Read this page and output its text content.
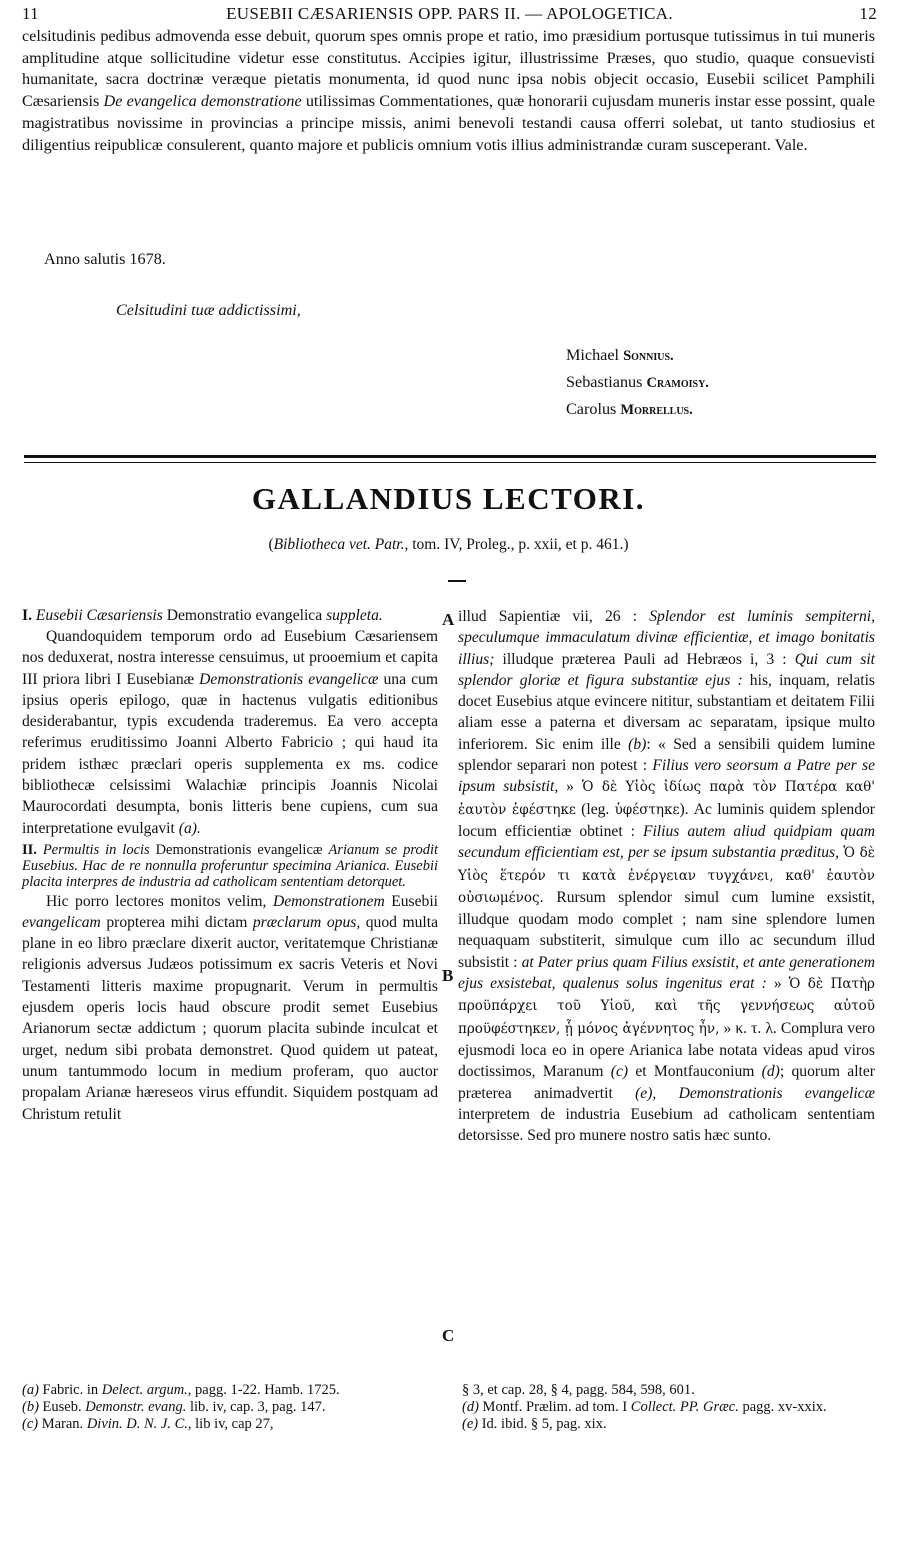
11	EUSEBII CÆSARIENSIS OPP. PARS II. — APOLOGETICA.	12

celsitudinis pedibus admovenda esse debuit, quorum spes omnis prope et ratio, imo præsidium portusque tutissimus in tui muneris amplitudine atque sollicitudine videtur esse constitutus. Accipies igitur, illustrissime Præses, quo studio, quaque consuevisti humanitate, sacra doctrinæ veræque pietatis monumenta, id quod nunc ipsa nobis objecit occasio, Eusebii scilicet Pamphili Cæsariensis De evangelica demonstratione utilissimas Commentationes, quæ honorarii cujusdam muneris instar esse possint, quale magistratibus novissime in provincias a principe missis, animi benevoli testandi causa offerri solebat, ut tanto studiosius et diligentius reipublicæ consulerent, quanto majore et publicis omnium votis illius administrandæ curam susceperant. Vale.

Anno salutis 1678.
Celsitudini tuæ addictissimi,
Michael Sonnius.
Sebastianus Cramoisy.
Carolus Morrellus.
GALLANDIUS LECTORI.
(Bibliotheca vet. Patr., tom. IV, Proleg., p. xxii, et p. 461.)

I. Eusebii Cæsariensis Demonstratio evangelica suppleta.

Quandoquidem temporum ordo ad Eusebium Cæsariensem nos deduxerat, nostra interesse censuimus, ut prooemium et capita III priora libri I Eusebianæ Demonstrationis evangelicæ una cum ipsius operis epilogo, quæ in hactenus vulgatis editionibus desiderabantur, typis excudenda traderemus. Ea vero accepta referimus eruditissimo Joanni Alberto Fabricio ; qui haud ita pridem isthæc præclari operis supplementa ex ms. codice bibliothecæ celsissimi Walachiæ principis Joannis Nicolai Maurocordati desumpta, bonis litteris bene cupiens, cum sua interpretatione evulgavit (a).

II. Permultis in locis Demonstrationis evangelicæ Arianum se prodit Eusebius. Hac de re nonnulla proferuntur specimina Arianica. Eusebii placita interpres de industria ad catholicam sententiam detorquet.

Hic porro lectores monitos velim, Demonstrationem Eusebii evangelicam propterea mihi dictam præclarum opus, quod multa plane in eo libro præclare dixerit auctor, veritatemque Christianæ religionis adversus Judæos potissimum ex sacris Veteris et Novi Testamenti litteris maxime propugnarit. Verum in permultis ejusdem operis locis haud obscure prodit semet Eusebius Arianorum sectæ addictum ; quorum placita subinde inculcat et urget, nedum sibi probata demonstret. Quod quidem ut pateat, unum tantummodo locum in medium proferam, quo auctor propalam Arianæ hæreseos virus effundit. Siquidem postquam ad Christum retulit

A
B
C

illud Sapientiæ vii, 26 : Splendor est luminis sempiterni, speculumque immaculatum divinæ efficientiæ, et imago bonitatis illius; illudque præterea Pauli ad Hebræos i, 3 : Qui cum sit splendor gloriæ et figura substantiæ ejus : his, inquam, relatis docet Eusebius atque evincere nititur, substantiam et deitatem Filii aliam esse a paterna et diversam ac separatam, ipsique multo inferiorem. Sic enim ille (b): « Sed a sensibili quidem lumine splendor separari non potest : Filius vero seorsum a Patre per se ipsum subsistit, » Ὁ δὲ Υἱὸς ἰδίως παρὰ τὸν Πατέρα καθ' ἑαυτὸν ἐφέστηκε (leg. ὑφέστηκε). Ac luminis quidem splendor locum efficientiæ obtinet : Filius autem aliud quidpiam quam secundum efficientiam est, per se ipsum substantia præditus, Ὁ δὲ Υἱὸς ἕτερόν τι κατὰ ἐνέργειαν τυγχάνει, καθ' ἑαυτὸν οὐσιωμένος. Rursum splendor simul cum lumine exsistit, illudque quodam modo complet ; nam sine splendore lumen nequaquam substiterit, simulque cum illo ac secundum illud subsistit : at Pater prius quam Filius exsistit, et ante generationem ejus exsistebat, qualenus solus ingenitus erat : » Ὁ δὲ Πατὴρ προϋπάρχει τοῦ Υἱοῦ, καὶ τῆς γεννήσεως αὐτοῦ προϋφέστηκεν, ᾗ μόνος ἀγέννητος ἦν, » κ. τ. λ. Complura vero ejusmodi loca eo in opere Arianica labe notata videas apud viros doctissimos, Maranum (c) et Montfauconium (d); quorum alter præterea animadvertit (e), Demonstrationis evangelicæ interpretem de industria Eusebium ad catholicam sententiam detorsisse. Sed pro munere nostro satis hæc sunto.

(a) Fabric. in Delect. argum., pagg. 1-22. Hamb. 1725.

(b) Euseb. Demonstr. evang. lib. iv, cap. 3, pag. 147.

(c) Maran. Divin. D. N. J. C., lib iv, cap 27,

§ 3, et cap. 28, § 4, pagg. 584, 598, 601.

(d) Montf. Prælim. ad tom. I Collect. PP. Græc. pagg. xv-xxix.

(e) Id. ibid. § 5, pag. xix.
